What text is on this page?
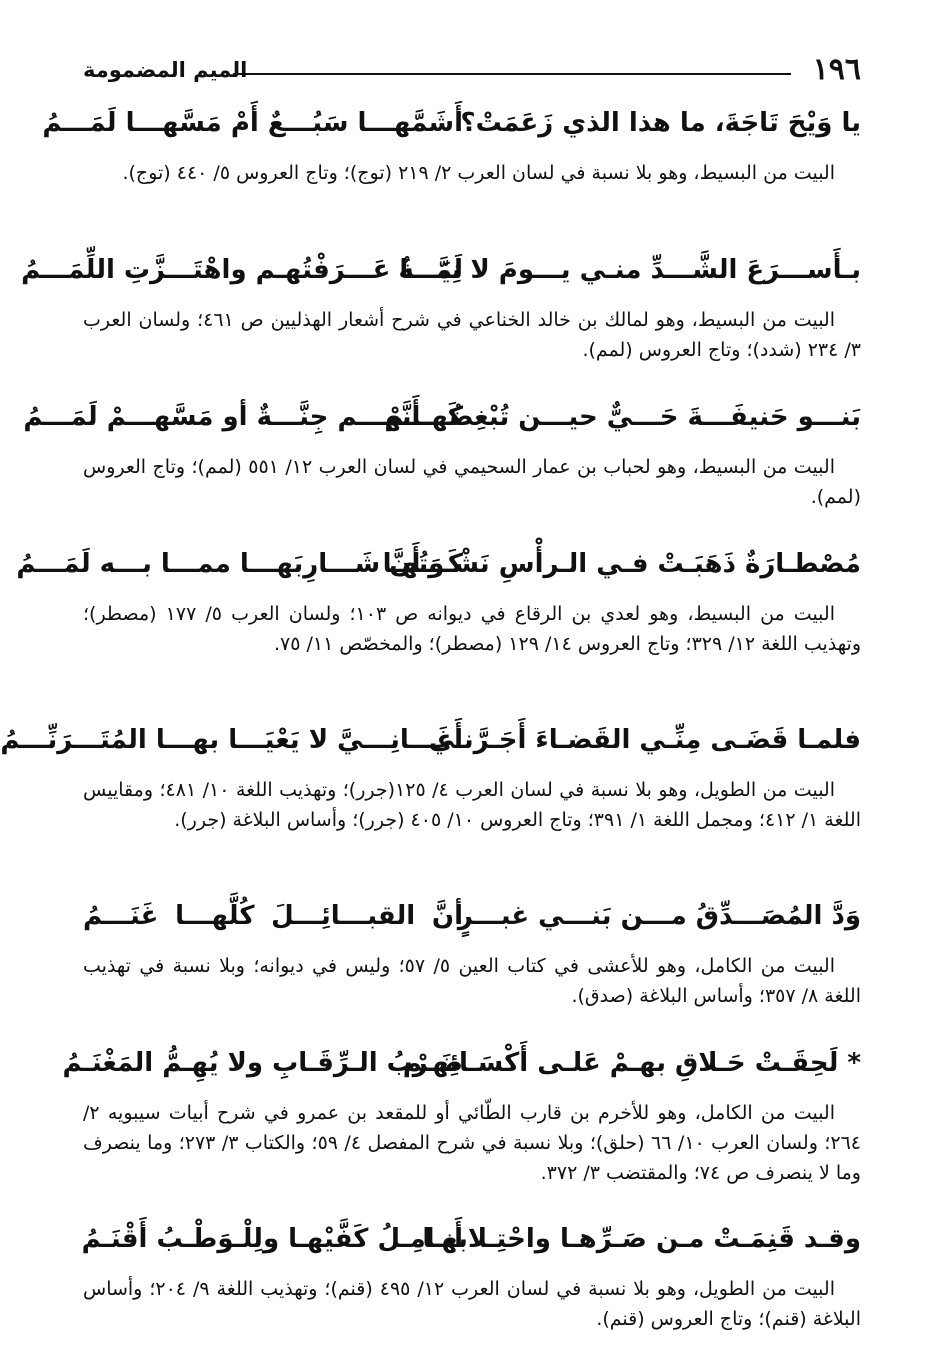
١٩٦
الميم المضمومة
يا وَيْحَ تَاجَةَ، ما هذا الذي زَعَمَتْ؟
أَشَمَّهـــا سَبُـــعٌ أَمْ مَسَّهـــا لَمَـــمُ

البيت من البسيط، وهو بلا نسبة في لسان العرب ٢/ ٢١٩ (توج)؛ وتاج العروس ٥/ ٤٤٠ (توج).

بـأَســـرَعَ الشَّـــدِّ منـي يـــومَ لا نِيَـــةٌ
لَمَّـــا عَـــرَفْتُهـم واهْتَـــزَّتِ اللِّمَـــمُ

البيت من البسيط، وهو لمالك بن خالد الخناعي في شرح أشعار الهذليين ص ٤٦١؛ ولسان العرب ٣/ ٢٣٤ (شدد)؛ وتاج العروس (لمم).

بَنـــو حَنيفَـــةَ حَـــيٌّ حيـــن تُبْغِضُهـــمْ
كَـــأَنَّهـــم جِنَّـــةٌ أو مَسَّهـــمْ لَمَـــمُ

البيت من البسيط، وهو لحباب بن عمار السحيمي في لسان العرب ١٢/ ٥٥١ (لمم)؛ وتاج العروس (لمم).

مُصْطـارَةٌ ذَهَبَـتْ فـي الـرأْسِ نَشْـوَتُهـا
كَـــأَنَّ شَـــارِبَهـــا ممـــا بـــه لَمَـــمُ

البيت من البسيط، وهو لعدي بن الرقاع في ديوانه ص ١٠٣؛ ولسان العرب ٥/ ١٧٧ (مصطر)؛ وتهذيب اللغة ١٢/ ٣٢٩؛ وتاج العروس ١٤/ ١٢٩ (مصطر)؛ والمخصّص ١١/ ٧٥.

فلمـا قَضَـى مِنِّـي القَضـاءَ أَجَـرَّنـي
أَغَـــانِـــيَّ لا يَعْيَـــا بهـــا المُتَـــرَنِّـــمُ

البيت من الطويل، وهو بلا نسبة في لسان العرب ٤/ ١٢٥(جرر)؛ وتهذيب اللغة ١٠/ ٤٨١؛ ومقاييس اللغة ١/ ٤١٢؛ ومجمل اللغة ١/ ٣٩١؛ وتاج العروس ١٠/ ٤٠٥ (جرر)؛ وأساس البلاغة (جرر).

وَدَّ المُصَـــدِّقُ مـــن بَنـــي غبـــرٍ
أنَّ القبـــائِـــلَ كُلَّهـــا غَنَـــمُ

البيت من الكامل، وهو للأعشى في كتاب العين ٥/ ٥٧؛ وليس في ديوانه؛ وبلا نسبة في تهذيب اللغة ٨/ ٣٥٧؛ وأساس البلاغة (صدق).

* لَحِقَـتْ حَـلاقِ بهـمْ عَلـى أَكْسَـائِهـم
ضَـرْبُ الـرِّقَـابِ ولا يُهِـمُّ المَغْنَـمُ

البيت من الكامل، وهو للأخرم بن قارب الطّائي أو للمقعد بن عمرو في شرح أبيات سيبويه ٢/ ٢٦٤؛ ولسان العرب ١٠/ ٦٦ (حلق)؛ وبلا نسبة في شرح المفصل ٤/ ٥٩؛ والكتاب ٣/ ٢٧٣؛ وما ينصرف وما لا ينصرف ص ٧٤؛ والمقتضب ٣/ ٣٧٢.

وقـد قَنِمَـتْ مـن صَـرِّهـا واحْتِـلابهـا
أَنـامِـلُ كَفَّيْهـا ولِلْـوَطْـبُ أَقْنَـمُ

البيت من الطويل، وهو بلا نسبة في لسان العرب ١٢/ ٤٩٥ (قنم)؛ وتهذيب اللغة ٩/ ٢٠٤؛ وأساس البلاغة (قنم)؛ وتاج العروس (قنم).
